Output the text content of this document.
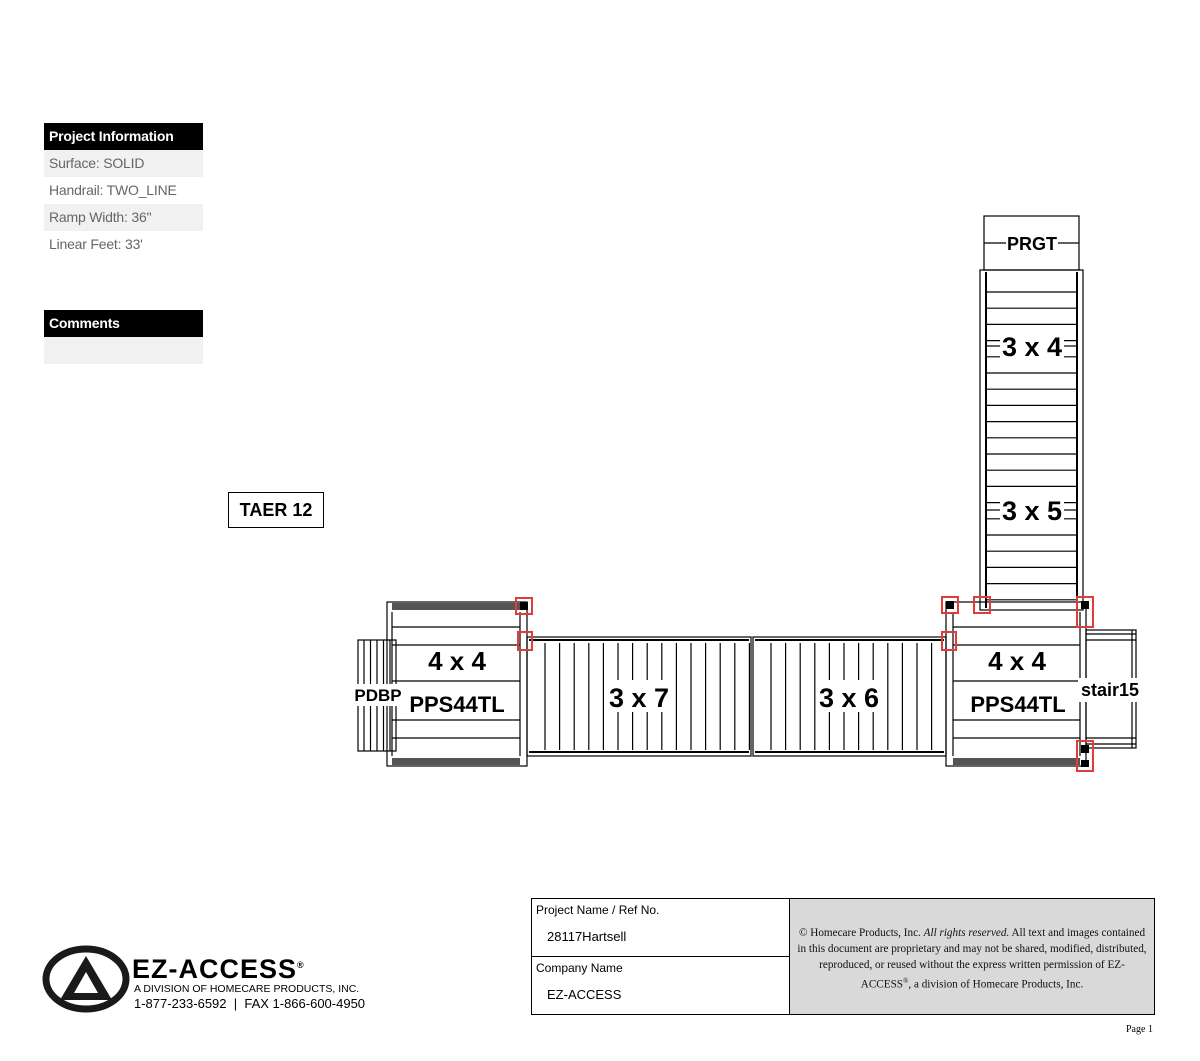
Project Information
Surface: SOLID
Handrail: TWO_LINE
Ramp Width: 36"
Linear Feet: 33'
Comments
TAER 12
PRGT
3 x 4
3 x 5
4 x 4
PPS44TL
PDBP	3 x 7	3 x 6
4 x 4
PPS44TL
stair15
Project Name / Ref No.
28117Hartsell
Company Name
EZ-ACCESS
© Homecare Products, Inc. All rights reserved. All text and images contained in this document are proprietary and may not be shared, modified, distributed, reproduced, or reused without the express written permission of EZ-ACCESS®, a division of Homecare Products, Inc.
EZ-ACCESS®
A DIVISION OF HOMECARE PRODUCTS, INC.
1-877-233-6592  |  FAX 1-866-600-4950
Page 1
